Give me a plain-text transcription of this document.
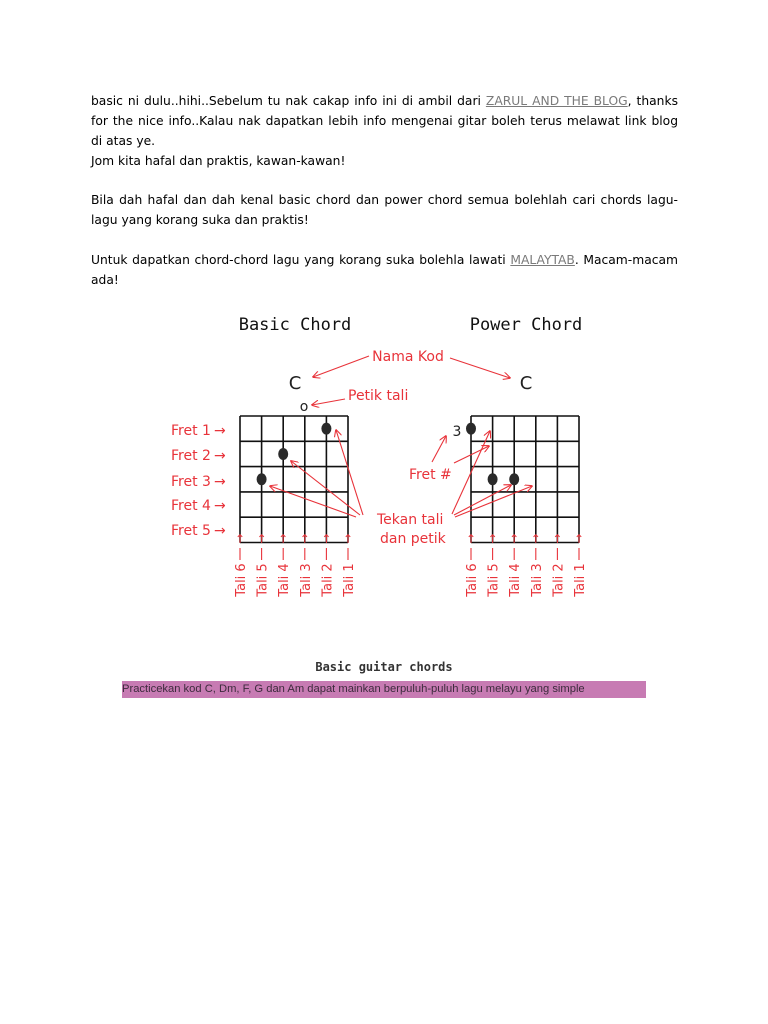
basic ni dulu..hihi..Sebelum tu nak cakap info ini di ambil dari ZARUL AND THE BLOG, thanks for the nice info..Kalau nak dapatkan lebih info mengenai gitar boleh terus melawat link blog di atas ye.
Jom kita hafal dan praktis, kawan-kawan!
Bila dah hafal dan dah kenal basic chord dan power chord semua bolehlah cari chords lagu-lagu yang korang suka dan praktis!
Untuk dapatkan chord-chord lagu yang korang suka bolehla lawati MALAYTAB. Macam-macam ada!
Basic Chord	Power Chord
C	C
o
3
Nama Kod
Petik tali
Fret #
Tekan tali
dan petik
Fret 1
Fret 2
Fret 3
Fret 4
Fret 5
→
→
→
→
→ ↑
Tali 6
↑
Tali 5
↑
Tali 4
↑
Tali 3
↑
Tali 2
↑
Tali 1
↑
Tali 6
↑
Tali 5
↑
Tali 4
↑
Tali 3
↑
Tali 2
↑
Tali 1
Basic guitar chords
Practicekan kod C, Dm, F, G dan Am dapat mainkan berpuluh-puluh lagu melayu yang simple
